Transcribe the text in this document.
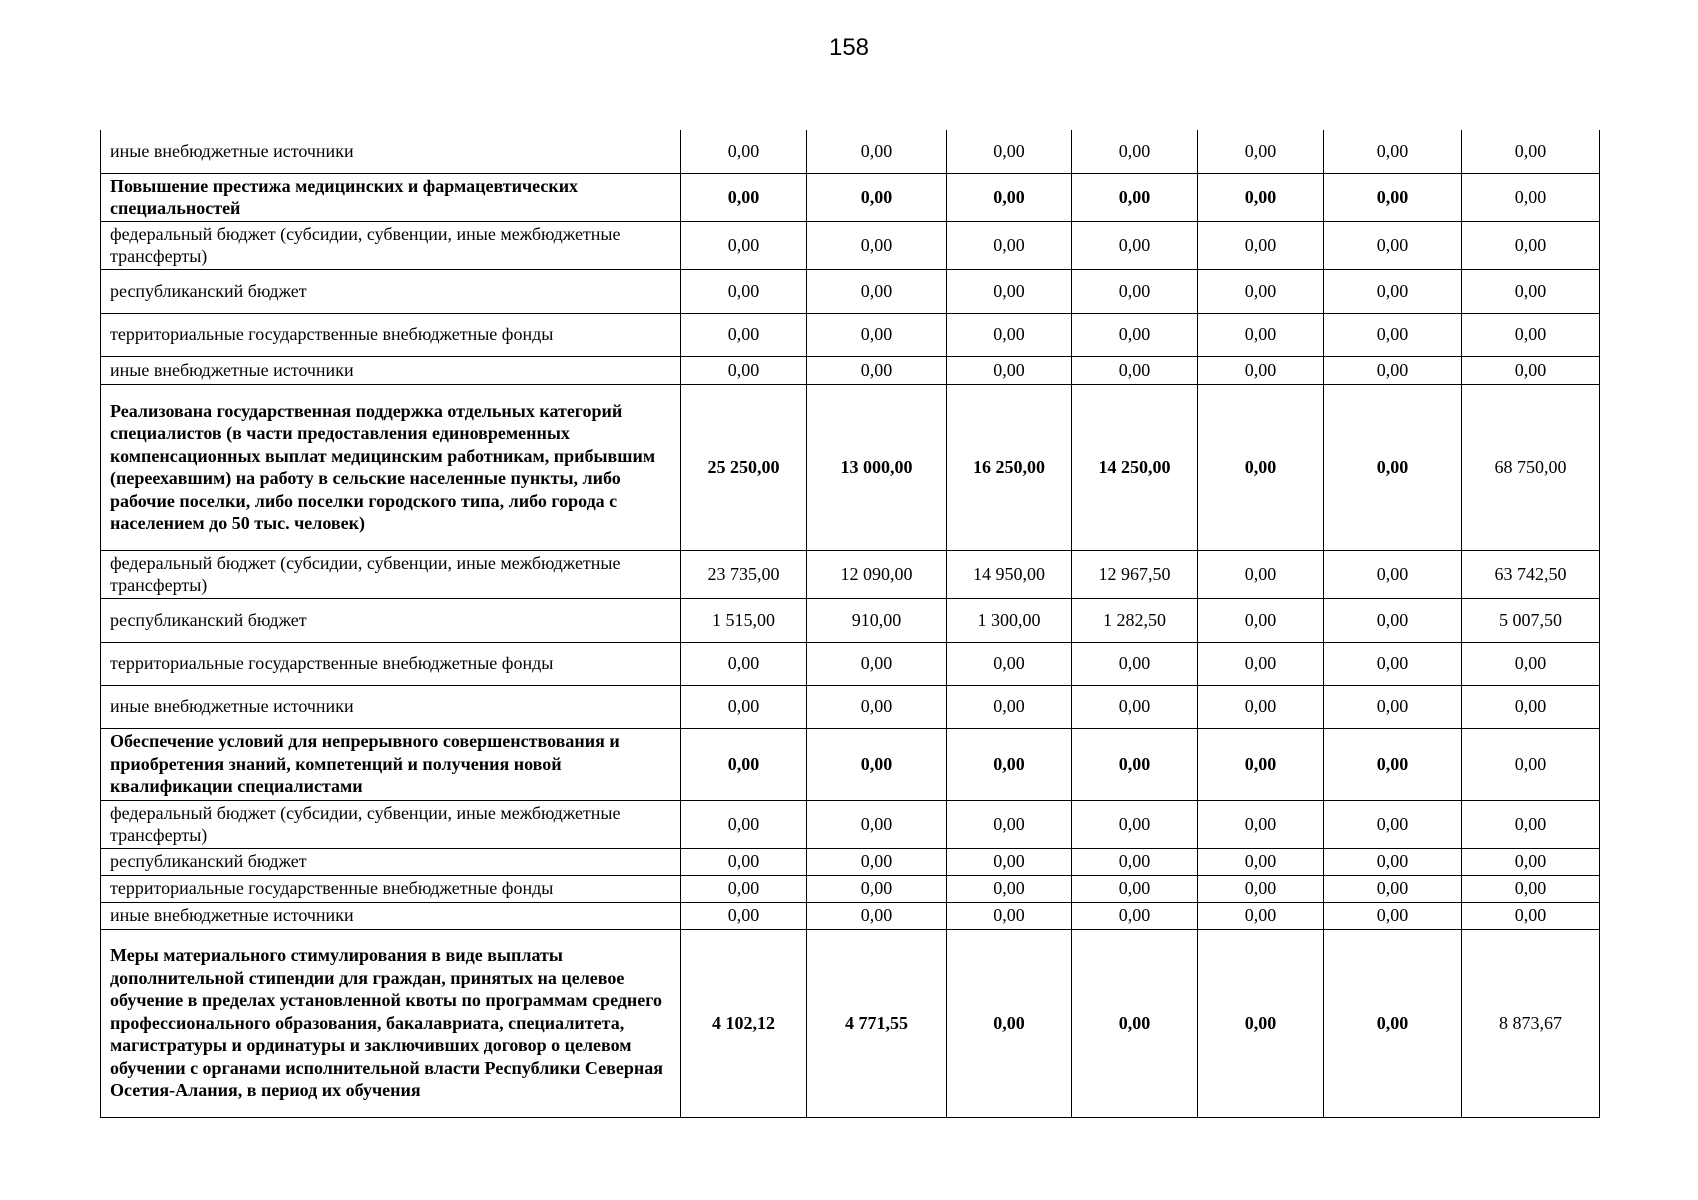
158
иные внебюджетные источники	0,00	0,00	0,00	0,00	0,00	0,00	0,00
Повышение престижа медицинских и фармацевтических специальностей	0,00	0,00	0,00	0,00	0,00	0,00	0,00
федеральный бюджет (субсидии, субвенции, иные межбюджетные трансферты)	0,00	0,00	0,00	0,00	0,00	0,00	0,00
республиканский бюджет	0,00	0,00	0,00	0,00	0,00	0,00	0,00
территориальные государственные внебюджетные фонды	0,00	0,00	0,00	0,00	0,00	0,00	0,00
иные внебюджетные источники	0,00	0,00	0,00	0,00	0,00	0,00	0,00
Реализована государственная поддержка отдельных категорий специалистов (в части предоставления единовременных компенсационных выплат медицинским работникам, прибывшим (переехавшим) на работу в сельские населенные пункты, либо рабочие поселки, либо поселки городского типа, либо города с населением до 50 тыс. человек)	25 250,00	13 000,00	16 250,00	14 250,00	0,00	0,00	68 750,00
федеральный бюджет (субсидии, субвенции, иные межбюджетные трансферты)	23 735,00	12 090,00	14 950,00	12 967,50	0,00	0,00	63 742,50
республиканский бюджет	1 515,00	910,00	1 300,00	1 282,50	0,00	0,00	5 007,50
территориальные государственные внебюджетные фонды	0,00	0,00	0,00	0,00	0,00	0,00	0,00
иные внебюджетные источники	0,00	0,00	0,00	0,00	0,00	0,00	0,00
Обеспечение условий для непрерывного совершенствования и приобретения знаний, компетенций и получения новой квалификации специалистами	0,00	0,00	0,00	0,00	0,00	0,00	0,00
федеральный бюджет (субсидии, субвенции, иные межбюджетные трансферты)	0,00	0,00	0,00	0,00	0,00	0,00	0,00
республиканский бюджет	0,00	0,00	0,00	0,00	0,00	0,00	0,00
территориальные государственные внебюджетные фонды	0,00	0,00	0,00	0,00	0,00	0,00	0,00
иные внебюджетные источники	0,00	0,00	0,00	0,00	0,00	0,00	0,00
Меры материального стимулирования в виде выплаты дополнительной стипендии для граждан, принятых на целевое обучение в пределах установленной квоты по программам среднего профессионального образования, бакалавриата, специалитета, магистратуры и ординатуры и заключивших договор о целевом обучении с органами исполнительной власти Республики Северная Осетия-Алания, в период их обучения	4 102,12	4 771,55	0,00	0,00	0,00	0,00	8 873,67
